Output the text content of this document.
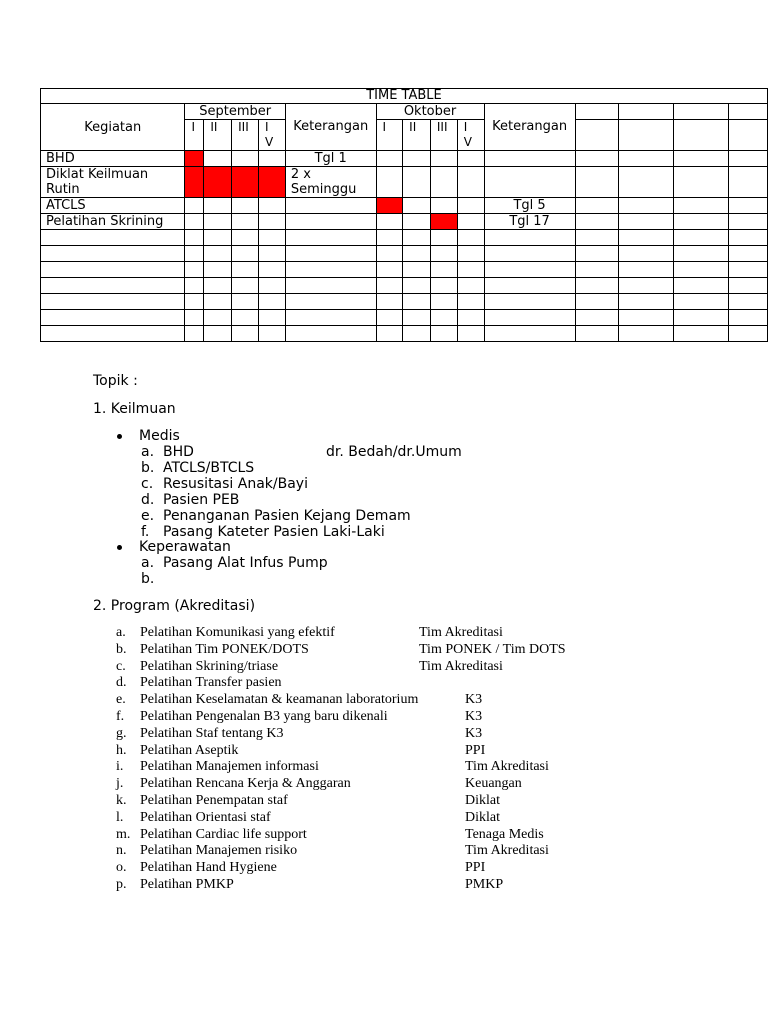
TIME TABLE														
Kegiatan	September				Keterangan	Oktober				Keterangan				
	I	II	III	IV		I	II	III	IV					

BHD					Tgl 1									
Diklat Keilmuan Rutin					2 x Seminggu									
ATCLS										Tgl 5				
Pelatihan Skrining										Tgl 17				

Topik :
1. Keilmuan
Medis
Keperawatan
2. Program (Akreditasi)
a. BHD	dr. Bedah/dr.Umum
b. ATCLS/BTCLS
c. Resusitasi Anak/Bayi
d. Pasien PEB
e. Penanganan Pasien Kejang Demam
f. Pasang Kateter Pasien Laki-Laki
a. Pasang Alat Infus Pump
b.
a. Pelatihan Komunikasi yang efektif	Tim Akreditasi
b. Pelatihan Tim PONEK/DOTS	Tim PONEK / Tim DOTS
c. Pelatihan Skrining/triase	Tim Akreditasi
d. Pelatihan Transfer pasien
e. Pelatihan Keselamatan & keamanan laboratorium	K3
f. Pelatihan Pengenalan B3 yang baru dikenali	K3
g. Pelatihan Staf tentang K3	K3
h. Pelatihan Aseptik	PPI
i. Pelatihan Manajemen informasi	Tim Akreditasi
j. Pelatihan Rencana Kerja & Anggaran	Keuangan
k. Pelatihan Penempatan staf	Diklat
l. Pelatihan Orientasi staf	Diklat
m. Pelatihan Cardiac life support	Tenaga Medis
n. Pelatihan Manajemen risiko	Tim Akreditasi
o. Pelatihan Hand Hygiene	PPI
p. Pelatihan PMKP	PMKP
